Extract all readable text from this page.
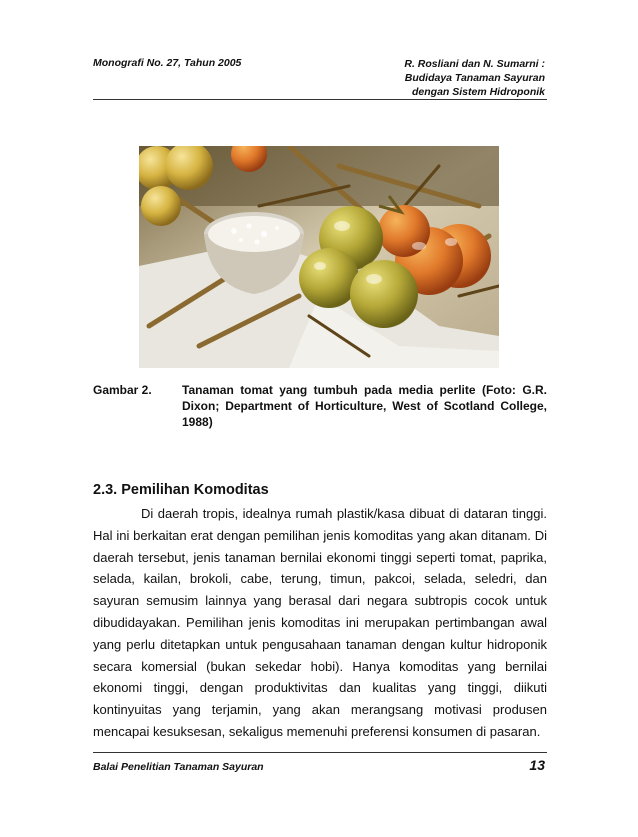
Monografi No. 27, Tahun 2005	R. Rosliani dan N. Sumarni :
Budidaya Tanaman Sayuran
dengan Sistem Hidroponik
Gambar 2.	Tanaman tomat yang tumbuh pada media perlite (Foto: G.R. Dixon; Department of Horticulture, West of Scotland College, 1988)
2.3. Pemilihan Komoditas
Di daerah tropis, idealnya rumah plastik/kasa dibuat di dataran tinggi. Hal ini berkaitan erat dengan pemilihan jenis komoditas yang akan ditanam. Di daerah tersebut, jenis tanaman bernilai ekonomi tinggi seperti tomat, paprika, selada, kailan, brokoli, cabe, terung, timun, pakcoi, selada, seledri, dan sayuran semusim lainnya yang berasal dari negara subtropis cocok untuk dibudidayakan. Pemilihan jenis komoditas ini merupakan pertimbangan awal yang perlu ditetapkan untuk pengusahaan tanaman dengan kultur hidroponik secara komersial (bukan sekedar hobi). Hanya komoditas yang bernilai ekonomi tinggi, dengan produktivitas dan kualitas yang tinggi, diikuti kontinyuitas yang terjamin, yang akan merangsang motivasi produsen mencapai kesuksesan, sekaligus memenuhi preferensi konsumen di pasaran.
Balai Penelitian Tanaman Sayuran	13
